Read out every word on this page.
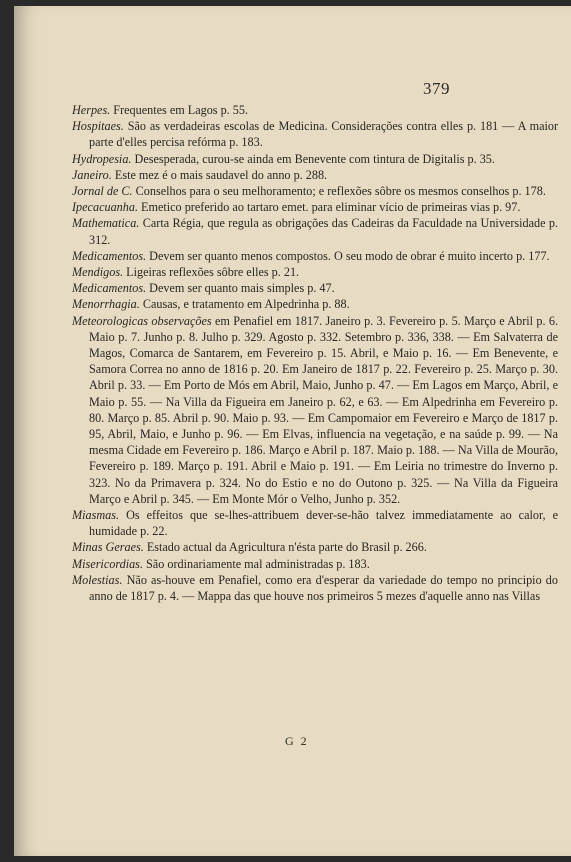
379

Herpes. Frequentes em Lagos p. 55.

Hospitaes. São as verdadeiras escolas de Medicina. Considerações contra elles p. 181 — A maior parte d'elles percisa refórma p. 183.

Hydropesia. Desesperada, curou-se ainda em Benevente com tintura de Digitalis p. 35.

Janeiro. Este mez é o mais saudavel do anno p. 288.

Jornal de C. Conselhos para o seu melhoramento; e reflexões sôbre os mesmos conselhos p. 178.

Ipecacuanha. Emetico preferido ao tartaro emet. para eliminar vício de primeiras vias p. 97.

Mathematica. Carta Régia, que regula as obrigações das Cadeiras da Faculdade na Universidade p. 312.

Medicamentos. Devem ser quanto menos compostos. O seu modo de obrar é muito incerto p. 177.

Mendigos. Ligeiras reflexões sôbre elles p. 21.

Medicamentos. Devem ser quanto mais simples p. 47.

Menorrhagia. Causas, e tratamento em Alpedrinha p. 88.

Meteorologicas observações em Penafiel em 1817. Janeiro p. 3. Fevereiro p. 5. Março e Abril p. 6. Maio p. 7. Junho p. 8. Julho p. 329. Agosto p. 332. Setembro p. 336, 338. — Em Salvaterra de Magos, Comarca de Santarem, em Fevereiro p. 15. Abril, e Maio p. 16. — Em Benevente, e Samora Correa no anno de 1816 p. 20. Em Janeiro de 1817 p. 22. Fevereiro p. 25. Março p. 30. Abril p. 33. — Em Porto de Mós em Abril, Maio, Junho p. 47. — Em Lagos em Março, Abril, e Maio p. 55. — Na Villa da Figueira em Janeiro p. 62, e 63. — Em Alpedrinha em Fevereiro p. 80. Março p. 85. Abril p. 90. Maio p. 93. — Em Campomaior em Fevereiro e Março de 1817 p. 95, Abril, Maio, e Junho p. 96. — Em Elvas, influencia na vegetação, e na saúde p. 99. — Na mesma Cidade em Fevereiro p. 186. Março e Abril p. 187. Maio p. 188. — Na Villa de Mourão, Fevereiro p. 189. Março p. 191. Abril e Maio p. 191. — Em Leiria no trimestre do Inverno p. 323. No da Primavera p. 324. No do Estio e no do Outono p. 325. — Na Villa da Figueira Março e Abril p. 345. — Em Monte Mór o Velho, Junho p. 352.

Miasmas. Os effeitos que se-lhes-attribuem dever-se-hão talvez immediatamente ao calor, e humidade p. 22.

Minas Geraes. Estado actual da Agricultura n'ésta parte do Brasil p. 266.

Misericordias. São ordinariamente mal administradas p. 183.

Molestias. Não as-houve em Penafiel, como era d'esperar da variedade do tempo no principio do anno de 1817 p. 4. — Mappa das que houve nos primeiros 5 mezes d'aquelle anno nas Villas

G 2
